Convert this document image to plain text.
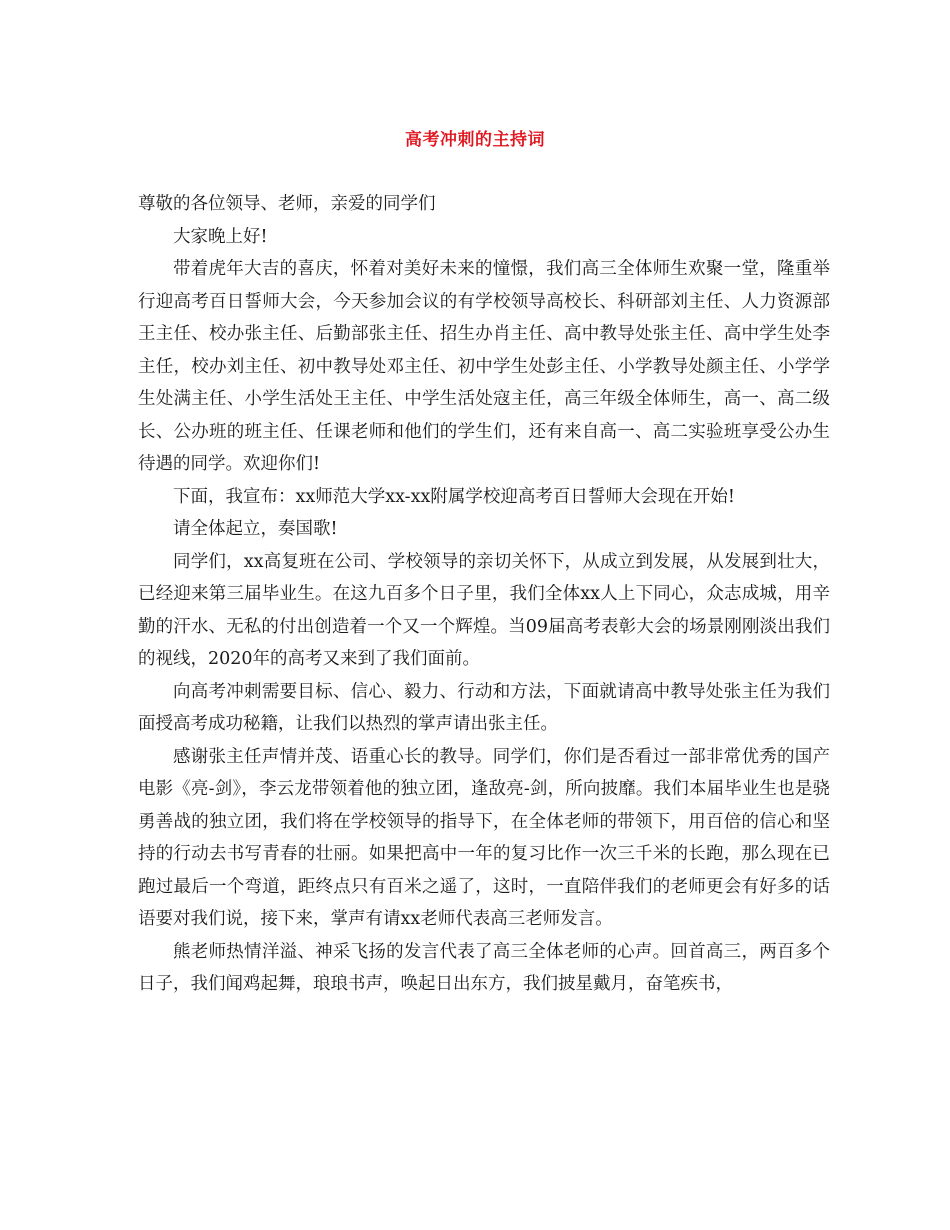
高考冲刺的主持词

尊敬的各位领导、老师，亲爱的同学们

大家晚上好!

带着虎年大吉的喜庆，怀着对美好未来的憧憬，我们高三全体师生欢聚一堂，隆重举行迎高考百日誓师大会，今天参加会议的有学校领导高校长、科研部刘主任、人力资源部王主任、校办张主任、后勤部张主任、招生办肖主任、高中教导处张主任、高中学生处李主任，校办刘主任、初中教导处邓主任、初中学生处彭主任、小学教导处颜主任、小学学生处满主任、小学生活处王主任、中学生活处寇主任，高三年级全体师生，高一、高二级长、公办班的班主任、任课老师和他们的学生们，还有来自高一、高二实验班享受公办生待遇的同学。欢迎你们!

下面，我宣布：xx师范大学xx-xx附属学校迎高考百日誓师大会现在开始!

请全体起立，奏国歌!

同学们，xx高复班在公司、学校领导的亲切关怀下，从成立到发展，从发展到壮大，已经迎来第三届毕业生。在这九百多个日子里，我们全体xx人上下同心，众志成城，用辛勤的汗水、无私的付出创造着一个又一个辉煌。当09届高考表彰大会的场景刚刚淡出我们的视线，2020年的高考又来到了我们面前。

向高考冲刺需要目标、信心、毅力、行动和方法，下面就请高中教导处张主任为我们面授高考成功秘籍，让我们以热烈的掌声请出张主任。

感谢张主任声情并茂、语重心长的教导。同学们，你们是否看过一部非常优秀的国产电影《亮-剑》，李云龙带领着他的独立团，逢敌亮-剑，所向披靡。我们本届毕业生也是骁勇善战的独立团，我们将在学校领导的指导下，在全体老师的带领下，用百倍的信心和坚持的行动去书写青春的壮丽。如果把高中一年的复习比作一次三千米的长跑，那么现在已跑过最后一个弯道，距终点只有百米之遥了，这时，一直陪伴我们的老师更会有好多的话语要对我们说，接下来，掌声有请xx老师代表高三老师发言。

熊老师热情洋溢、神采飞扬的发言代表了高三全体老师的心声。回首高三，两百多个日子，我们闻鸡起舞，琅琅书声，唤起日出东方，我们披星戴月，奋笔疾书，
